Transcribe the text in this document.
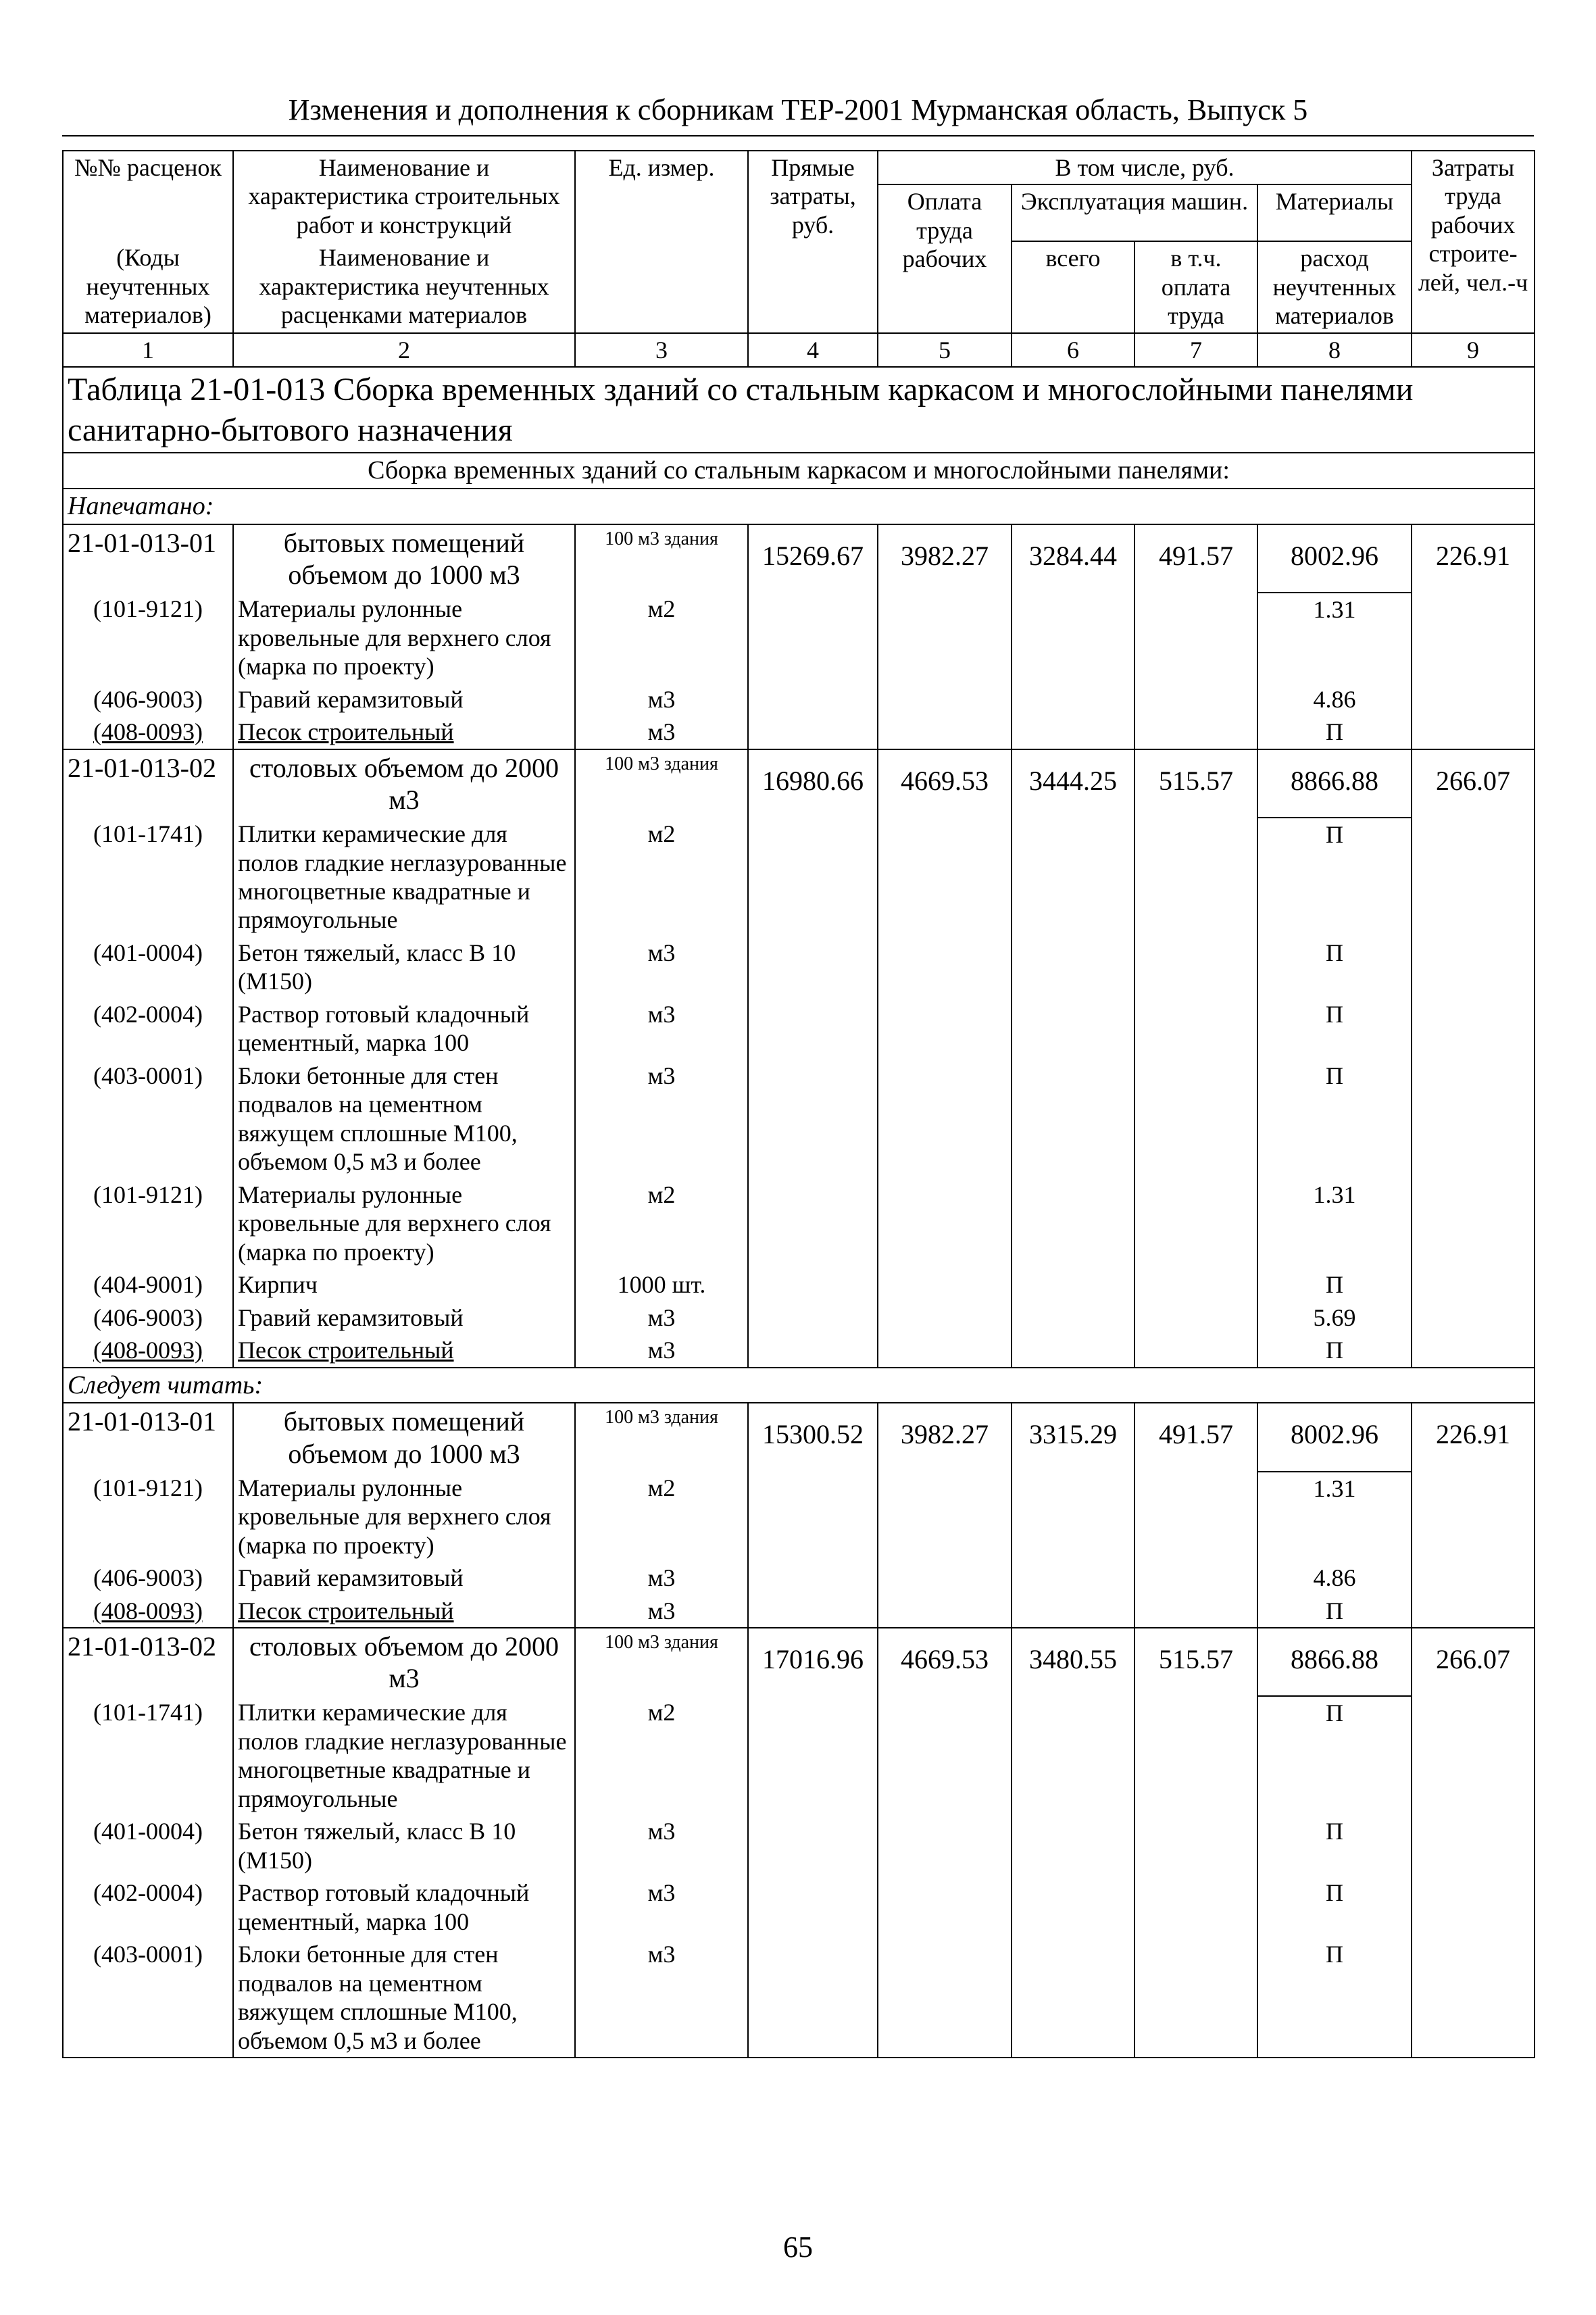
Изменения и дополнения к сборникам ТЕР-2001 Мурманская область, Выпуск 5
№№ расценок	Наименование и характеристика строительных работ и конструкций	Ед. измер.	Прямые затраты, руб.	В том числе, руб.				Затраты труда рабочих строите-лей, чел.-ч
				Оплата труда рабочих	Эксплуатация машин.		Материалы	
(Коды неучтенных материалов)	Наименование и характеристика неучтенных расценками материалов				всего	в т.ч. оплата труда	расход неучтенных материалов	
1	2	3	4	5	6	7	8	9
Таблица 21-01-013 Сборка временных зданий со стальным каркасом и многослойными панелями санитарно-бытового назначения								
Сборка временных зданий со стальным каркасом и многослойными панелями:								
Напечатано:								
21-01-013-01	бытовых помещений объемом до 1000 м3	100 м3 здания	15269.67	3982.27	3284.44	491.57	8002.96	226.91
(101-9121)	Материалы рулонные кровельные для верхнего слоя (марка по проекту)	м2					1.31	
(406-9003)	Гравий керамзитовый	м3					4.86	
(408-0093)	Песок строительный	м3					П	
21-01-013-02	столовых объемом до 2000 м3	100 м3 здания	16980.66	4669.53	3444.25	515.57	8866.88	266.07
(101-1741)	Плитки керамические для полов гладкие неглазурованные многоцветные квадратные и прямоугольные	м2					П	
(401-0004)	Бетон тяжелый, класс В 10 (М150)	м3					П	
(402-0004)	Раствор готовый кладочный цементный, марка 100	м3					П	
(403-0001)	Блоки бетонные для стен подвалов на цементном вяжущем сплошные М100, объемом 0,5 м3 и более	м3					П	
(101-9121)	Материалы рулонные кровельные для верхнего слоя (марка по проекту)	м2					1.31	
(404-9001)	Кирпич	1000 шт.					П	
(406-9003)	Гравий керамзитовый	м3					5.69	
(408-0093)	Песок строительный	м3					П	
Следует читать:								
21-01-013-01	бытовых помещений объемом до 1000 м3	100 м3 здания	15300.52	3982.27	3315.29	491.57	8002.96	226.91
(101-9121)	Материалы рулонные кровельные для верхнего слоя (марка по проекту)	м2					1.31	
(406-9003)	Гравий керамзитовый	м3					4.86	
(408-0093)	Песок строительный	м3					П	
21-01-013-02	столовых объемом до 2000 м3	100 м3 здания	17016.96	4669.53	3480.55	515.57	8866.88	266.07
(101-1741)	Плитки керамические для полов гладкие неглазурованные многоцветные квадратные и прямоугольные	м2					П	
(401-0004)	Бетон тяжелый, класс В 10 (М150)	м3					П	
(402-0004)	Раствор готовый кладочный цементный, марка 100	м3					П	
(403-0001)	Блоки бетонные для стен подвалов на цементном вяжущем сплошные М100, объемом 0,5 м3 и более	м3					П	
65
